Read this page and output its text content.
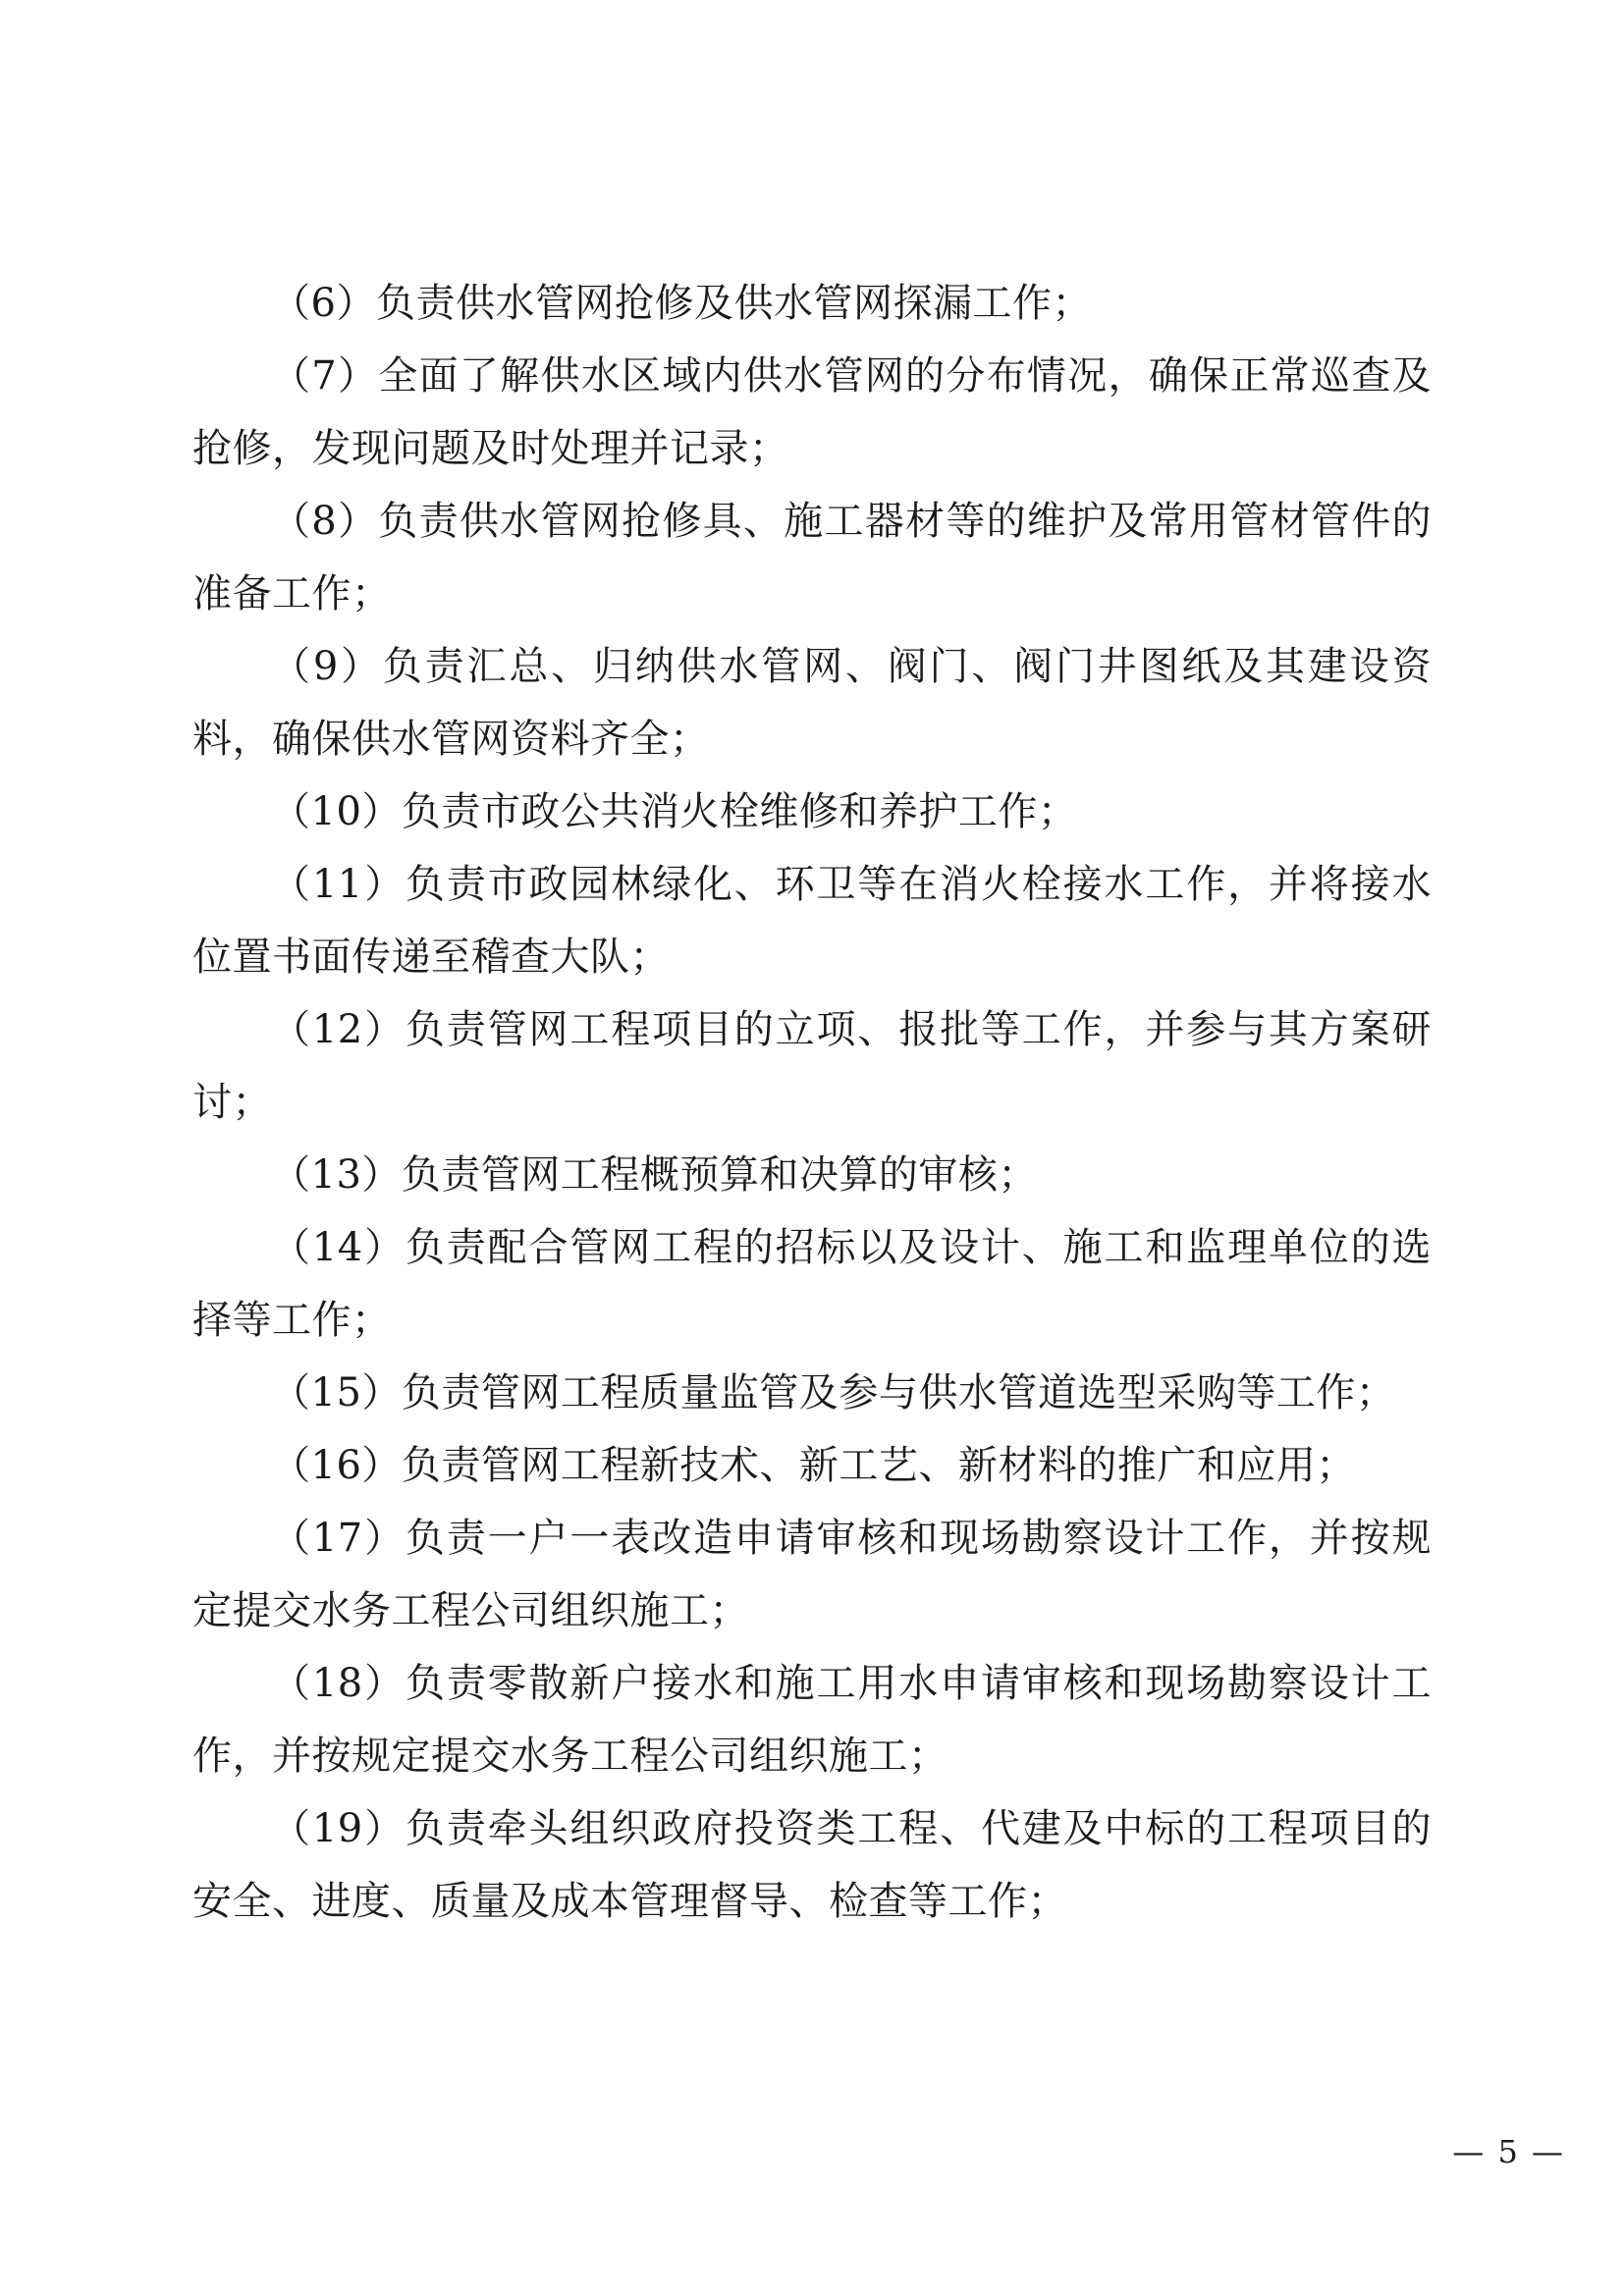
（6）负责供水管网抢修及供水管网探漏工作；

（7）全面了解供水区域内供水管网的分布情况，确保正常巡查及抢修，发现问题及时处理并记录；

（8）负责供水管网抢修具、施工器材等的维护及常用管材管件的准备工作；

（9）负责汇总、归纳供水管网、阀门、阀门井图纸及其建设资料，确保供水管网资料齐全；

（10）负责市政公共消火栓维修和养护工作；

（11）负责市政园林绿化、环卫等在消火栓接水工作，并将接水位置书面传递至稽查大队；

（12）负责管网工程项目的立项、报批等工作，并参与其方案研讨；

（13）负责管网工程概预算和决算的审核；

（14）负责配合管网工程的招标以及设计、施工和监理单位的选择等工作；

（15）负责管网工程质量监管及参与供水管道选型采购等工作；

（16）负责管网工程新技术、新工艺、新材料的推广和应用；

（17）负责一户一表改造申请审核和现场勘察设计工作，并按规定提交水务工程公司组织施工；

（18）负责零散新户接水和施工用水申请审核和现场勘察设计工作，并按规定提交水务工程公司组织施工；

（19）负责牵头组织政府投资类工程、代建及中标的工程项目的安全、进度、质量及成本管理督导、检查等工作；

— 5 —
